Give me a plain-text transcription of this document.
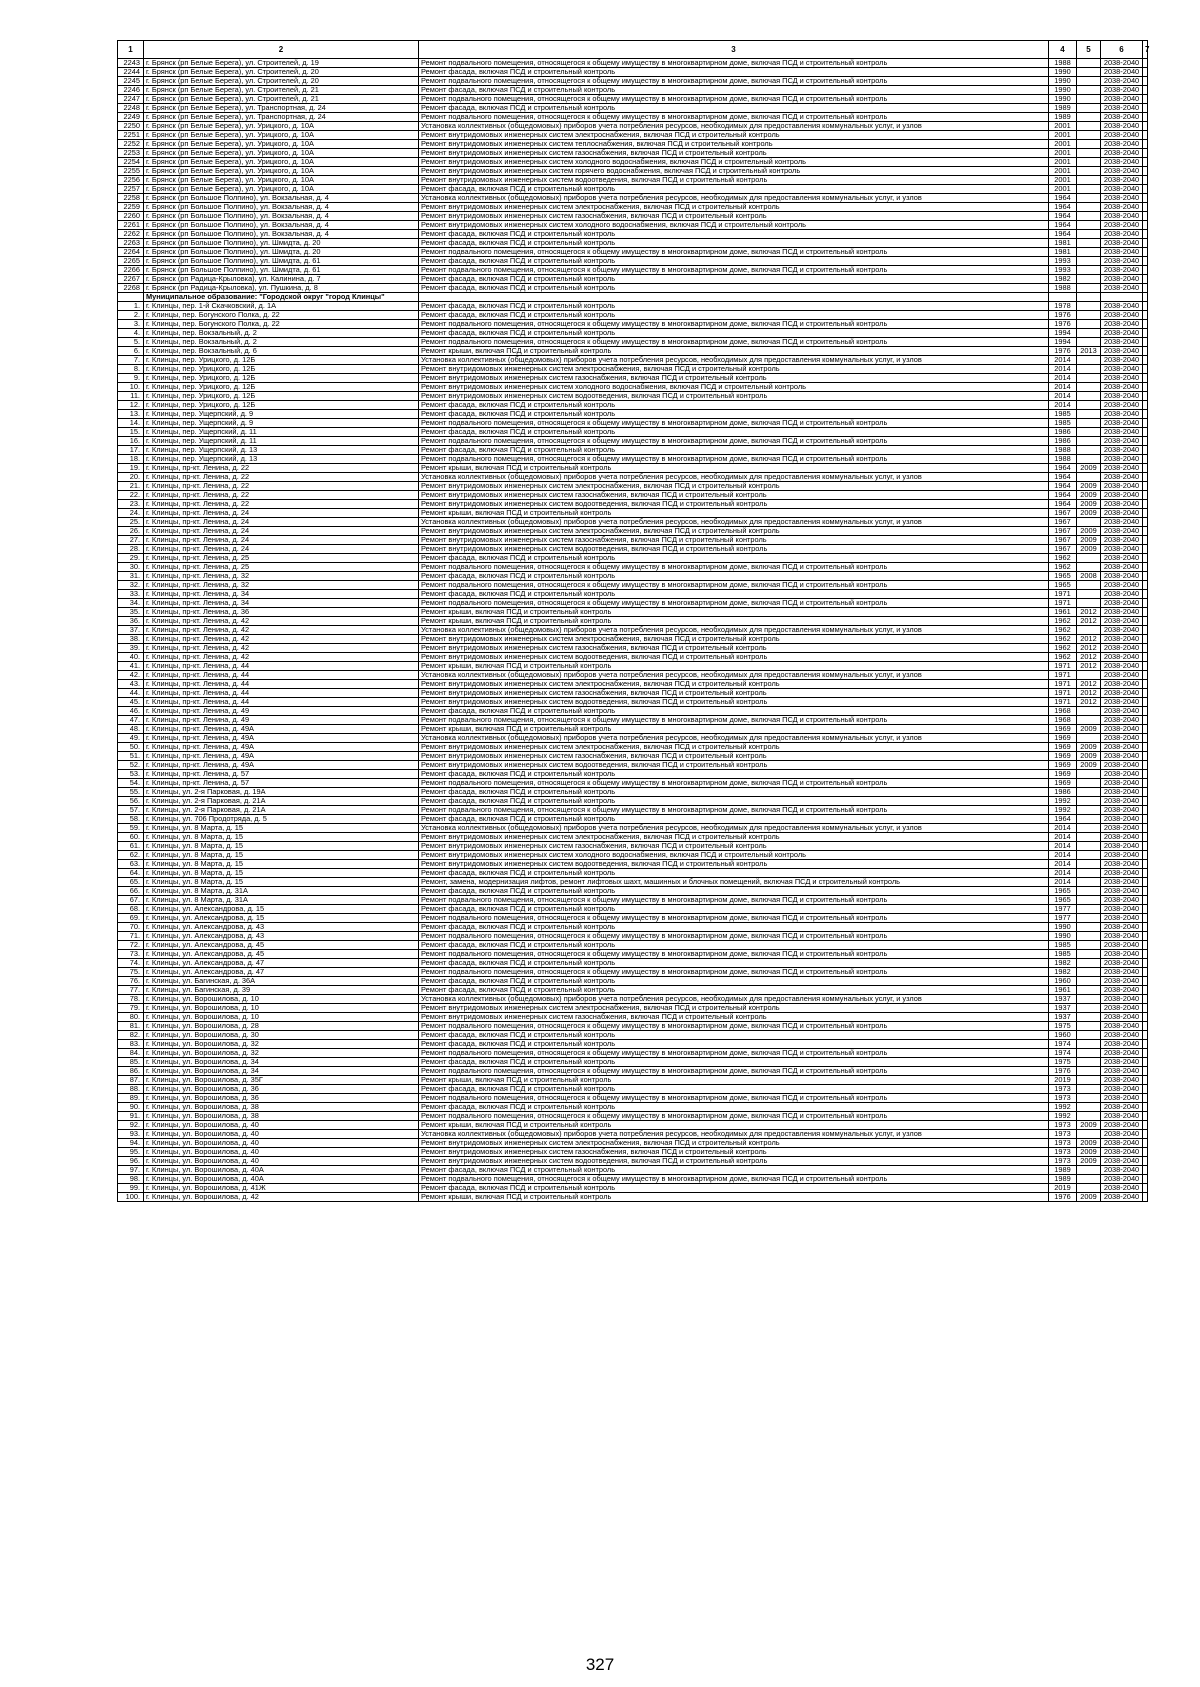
1	2	3	4	5	6	7
2243	г. Брянск (рп Белые Берега), ул. Строителей, д. 19	Ремонт подвального помещения, относящегося к общему имуществу в многоквартирном доме, включая ПСД и строительный контроль	1988		2038-2040	
2244	г. Брянск (рп Белые Берега), ул. Строителей, д. 20	Ремонт фасада, включая ПСД и строительный контроль	1990		2038-2040	
2245	г. Брянск (рп Белые Берега), ул. Строителей, д. 20	Ремонт подвального помещения, относящегося к общему имуществу в многоквартирном доме, включая ПСД и строительный контроль	1990		2038-2040	
2246	г. Брянск (рп Белые Берега), ул. Строителей, д. 21	Ремонт фасада, включая ПСД и строительный контроль	1990		2038-2040	
2247	г. Брянск (рп Белые Берега), ул. Строителей, д. 21	Ремонт подвального помещения, относящегося к общему имуществу в многоквартирном доме, включая ПСД и строительный контроль	1990		2038-2040	
2248	г. Брянск (рп Белые Берега), ул. Транспортная, д. 24	Ремонт фасада, включая ПСД и строительный контроль	1989		2038-2040	
2249	г. Брянск (рп Белые Берега), ул. Транспортная, д. 24	Ремонт подвального помещения, относящегося к общему имуществу в многоквартирном доме, включая ПСД и строительный контроль	1989		2038-2040	
2250	г. Брянск (рп Белые Берега), ул. Урицкого, д. 10А	Установка коллективных (общедомовых) приборов учета потребления ресурсов, необходимых для предоставления коммунальных услуг, и узлов	2001		2038-2040	
2251	г. Брянск (рп Белые Берега), ул. Урицкого, д. 10А	Ремонт внутридомовых инженерных систем электроснабжения, включая ПСД и строительный контроль	2001		2038-2040	
2252	г. Брянск (рп Белые Берега), ул. Урицкого, д. 10А	Ремонт внутридомовых инженерных систем теплоснабжения, включая ПСД и строительный контроль	2001		2038-2040	
2253	г. Брянск (рп Белые Берега), ул. Урицкого, д. 10А	Ремонт внутридомовых инженерных систем газоснабжения, включая ПСД и строительный контроль	2001		2038-2040	
2254	г. Брянск (рп Белые Берега), ул. Урицкого, д. 10А	Ремонт внутридомовых инженерных систем холодного водоснабжения, включая ПСД и строительный контроль	2001		2038-2040	
2255	г. Брянск (рп Белые Берега), ул. Урицкого, д. 10А	Ремонт внутридомовых инженерных систем горячего водоснабжения, включая ПСД и строительный контроль	2001		2038-2040	
2256	г. Брянск (рп Белые Берега), ул. Урицкого, д. 10А	Ремонт внутридомовых инженерных систем водоотведения, включая ПСД и строительный контроль	2001		2038-2040	
2257	г. Брянск (рп Белые Берега), ул. Урицкого, д. 10А	Ремонт фасада, включая ПСД и строительный контроль	2001		2038-2040	
2258	г. Брянск (рп Большое Полпино), ул. Вокзальная, д. 4	Установка коллективных (общедомовых) приборов учета потребления ресурсов, необходимых для предоставления коммунальных услуг, и узлов	1964		2038-2040	
2259	г. Брянск (рп Большое Полпино), ул. Вокзальная, д. 4	Ремонт внутридомовых инженерных систем электроснабжения, включая ПСД и строительный контроль	1964		2038-2040	
2260	г. Брянск (рп Большое Полпино), ул. Вокзальная, д. 4	Ремонт внутридомовых инженерных систем газоснабжения, включая ПСД и строительный контроль	1964		2038-2040	
2261	г. Брянск (рп Большое Полпино), ул. Вокзальная, д. 4	Ремонт внутридомовых инженерных систем холодного водоснабжения, включая ПСД и строительный контроль	1964		2038-2040	
2262	г. Брянск (рп Большое Полпино), ул. Вокзальная, д. 4	Ремонт фасада, включая ПСД и строительный контроль	1964		2038-2040	
2263	г. Брянск (рп Большое Полпино), ул. Шмидта, д. 20	Ремонт фасада, включая ПСД и строительный контроль	1981		2038-2040	
2264	г. Брянск (рп Большое Полпино), ул. Шмидта, д. 20	Ремонт подвального помещения, относящегося к общему имуществу в многоквартирном доме, включая ПСД и строительный контроль	1981		2038-2040	
2265	г. Брянск (рп Большое Полпино), ул. Шмидта, д. 61	Ремонт фасада, включая ПСД и строительный контроль	1993		2038-2040	
2266	г. Брянск (рп Большое Полпино), ул. Шмидта, д. 61	Ремонт подвального помещения, относящегося к общему имуществу в многоквартирном доме, включая ПСД и строительный контроль	1993		2038-2040	
2267	г. Брянск (рп Радица-Крыловка), ул. Калинина, д. 7	Ремонт фасада, включая ПСД и строительный контроль	1982		2038-2040	
2268	г. Брянск (рп Радица-Крыловка), ул. Пушкина, д. 8	Ремонт фасада, включая ПСД и строительный контроль	1988		2038-2040	
	Муниципальное образование: "Городской округ "город Клинцы"					
1.	г. Клинцы, пер. 1-й Скачковский, д. 1А	Ремонт фасада, включая ПСД и строительный контроль	1978		2038-2040	
2.	г. Клинцы, пер. Богунского Полка, д. 22	Ремонт фасада, включая ПСД и строительный контроль	1976		2038-2040	
3.	г. Клинцы, пер. Богунского Полка, д. 22	Ремонт подвального помещения, относящегося к общему имуществу в многоквартирном доме, включая ПСД и строительный контроль	1976		2038-2040	
4.	г. Клинцы, пер. Вокзальный, д. 2	Ремонт фасада, включая ПСД и строительный контроль	1994		2038-2040	
5.	г. Клинцы, пер. Вокзальный, д. 2	Ремонт подвального помещения, относящегося к общему имуществу в многоквартирном доме, включая ПСД и строительный контроль	1994		2038-2040	
6.	г. Клинцы, пер. Вокзальный, д. 6	Ремонт крыши, включая ПСД и строительный контроль	1976	2013	2038-2040	
7.	г. Клинцы, пер. Урицкого, д. 12Б	Установка коллективных (общедомовых) приборов учета потребления ресурсов, необходимых для предоставления коммунальных услуг, и узлов	2014		2038-2040	
8.	г. Клинцы, пер. Урицкого, д. 12Б	Ремонт внутридомовых инженерных систем электроснабжения, включая ПСД и строительный контроль	2014		2038-2040	
9.	г. Клинцы, пер. Урицкого, д. 12Б	Ремонт внутридомовых инженерных систем газоснабжения, включая ПСД и строительный контроль	2014		2038-2040	
10.	г. Клинцы, пер. Урицкого, д. 12Б	Ремонт внутридомовых инженерных систем холодного водоснабжения, включая ПСД и строительный контроль	2014		2038-2040	
11.	г. Клинцы, пер. Урицкого, д. 12Б	Ремонт внутридомовых инженерных систем водоотведения, включая ПСД и строительный контроль	2014		2038-2040	
12.	г. Клинцы, пер. Урицкого, д. 12Б	Ремонт фасада, включая ПСД и строительный контроль	2014		2038-2040	
13.	г. Клинцы, пер. Ущерпский, д. 9	Ремонт фасада, включая ПСД и строительный контроль	1985		2038-2040	
14.	г. Клинцы, пер. Ущерпский, д. 9	Ремонт подвального помещения, относящегося к общему имуществу в многоквартирном доме, включая ПСД и строительный контроль	1985		2038-2040	
15.	г. Клинцы, пер. Ущерпский, д. 11	Ремонт фасада, включая ПСД и строительный контроль	1986		2038-2040	
16.	г. Клинцы, пер. Ущерпский, д. 11	Ремонт подвального помещения, относящегося к общему имуществу в многоквартирном доме, включая ПСД и строительный контроль	1986		2038-2040	
17.	г. Клинцы, пер. Ущерпский, д. 13	Ремонт фасада, включая ПСД и строительный контроль	1988		2038-2040	
18.	г. Клинцы, пер. Ущерпский, д. 13	Ремонт подвального помещения, относящегося к общему имуществу в многоквартирном доме, включая ПСД и строительный контроль	1988		2038-2040	
19.	г. Клинцы, пр-кт. Ленина, д. 22	Ремонт крыши, включая ПСД и строительный контроль	1964	2009	2038-2040	
20.	г. Клинцы, пр-кт. Ленина, д. 22	Установка коллективных (общедомовых) приборов учета потребления ресурсов, необходимых для предоставления коммунальных услуг, и узлов	1964		2038-2040	
21.	г. Клинцы, пр-кт. Ленина, д. 22	Ремонт внутридомовых инженерных систем электроснабжения, включая ПСД и строительный контроль	1964	2009	2038-2040	
22.	г. Клинцы, пр-кт. Ленина, д. 22	Ремонт внутридомовых инженерных систем газоснабжения, включая ПСД и строительный контроль	1964	2009	2038-2040	
23.	г. Клинцы, пр-кт. Ленина, д. 22	Ремонт внутридомовых инженерных систем водоотведения, включая ПСД и строительный контроль	1964	2009	2038-2040	
24.	г. Клинцы, пр-кт. Ленина, д. 24	Ремонт крыши, включая ПСД и строительный контроль	1967	2009	2038-2040	
25.	г. Клинцы, пр-кт. Ленина, д. 24	Установка коллективных (общедомовых) приборов учета потребления ресурсов, необходимых для предоставления коммунальных услуг, и узлов	1967		2038-2040	
26.	г. Клинцы, пр-кт. Ленина, д. 24	Ремонт внутридомовых инженерных систем электроснабжения, включая ПСД и строительный контроль	1967	2009	2038-2040	
27.	г. Клинцы, пр-кт. Ленина, д. 24	Ремонт внутридомовых инженерных систем газоснабжения, включая ПСД и строительный контроль	1967	2009	2038-2040	
28.	г. Клинцы, пр-кт. Ленина, д. 24	Ремонт внутридомовых инженерных систем водоотведения, включая ПСД и строительный контроль	1967	2009	2038-2040	
29.	г. Клинцы, пр-кт. Ленина, д. 25	Ремонт фасада, включая ПСД и строительный контроль	1962		2038-2040	
30.	г. Клинцы, пр-кт. Ленина, д. 25	Ремонт подвального помещения, относящегося к общему имуществу в многоквартирном доме, включая ПСД и строительный контроль	1962		2038-2040	
31.	г. Клинцы, пр-кт. Ленина, д. 32	Ремонт фасада, включая ПСД и строительный контроль	1965	2008	2038-2040	
32.	г. Клинцы, пр-кт. Ленина, д. 32	Ремонт подвального помещения, относящегося к общему имуществу в многоквартирном доме, включая ПСД и строительный контроль	1965		2038-2040	
33.	г. Клинцы, пр-кт. Ленина, д. 34	Ремонт фасада, включая ПСД и строительный контроль	1971		2038-2040	
34.	г. Клинцы, пр-кт. Ленина, д. 34	Ремонт подвального помещения, относящегося к общему имуществу в многоквартирном доме, включая ПСД и строительный контроль	1971		2038-2040	
35.	г. Клинцы, пр-кт. Ленина, д. 36	Ремонт крыши, включая ПСД и строительный контроль	1961	2012	2038-2040	
36.	г. Клинцы, пр-кт. Ленина, д. 42	Ремонт крыши, включая ПСД и строительный контроль	1962	2012	2038-2040	
37.	г. Клинцы, пр-кт. Ленина, д. 42	Установка коллективных (общедомовых) приборов учета потребления ресурсов, необходимых для предоставления коммунальных услуг, и узлов	1962		2038-2040	
38.	г. Клинцы, пр-кт. Ленина, д. 42	Ремонт внутридомовых инженерных систем электроснабжения, включая ПСД и строительный контроль	1962	2012	2038-2040	
39.	г. Клинцы, пр-кт. Ленина, д. 42	Ремонт внутридомовых инженерных систем газоснабжения, включая ПСД и строительный контроль	1962	2012	2038-2040	
40.	г. Клинцы, пр-кт. Ленина, д. 42	Ремонт внутридомовых инженерных систем водоотведения, включая ПСД и строительный контроль	1962	2012	2038-2040	
41.	г. Клинцы, пр-кт. Ленина, д. 44	Ремонт крыши, включая ПСД и строительный контроль	1971	2012	2038-2040	
42.	г. Клинцы, пр-кт. Ленина, д. 44	Установка коллективных (общедомовых) приборов учета потребления ресурсов, необходимых для предоставления коммунальных услуг, и узлов	1971		2038-2040	
43.	г. Клинцы, пр-кт. Ленина, д. 44	Ремонт внутридомовых инженерных систем электроснабжения, включая ПСД и строительный контроль	1971	2012	2038-2040	
44.	г. Клинцы, пр-кт. Ленина, д. 44	Ремонт внутридомовых инженерных систем газоснабжения, включая ПСД и строительный контроль	1971	2012	2038-2040	
45.	г. Клинцы, пр-кт. Ленина, д. 44	Ремонт внутридомовых инженерных систем водоотведения, включая ПСД и строительный контроль	1971	2012	2038-2040	
46.	г. Клинцы, пр-кт. Ленина, д. 49	Ремонт фасада, включая ПСД и строительный контроль	1968		2038-2040	
47.	г. Клинцы, пр-кт. Ленина, д. 49	Ремонт подвального помещения, относящегося к общему имуществу в многоквартирном доме, включая ПСД и строительный контроль	1968		2038-2040	
48.	г. Клинцы, пр-кт. Ленина, д. 49А	Ремонт крыши, включая ПСД и строительный контроль	1969	2009	2038-2040	
49.	г. Клинцы, пр-кт. Ленина, д. 49А	Установка коллективных (общедомовых) приборов учета потребления ресурсов, необходимых для предоставления коммунальных услуг, и узлов	1969		2038-2040	
50.	г. Клинцы, пр-кт. Ленина, д. 49А	Ремонт внутридомовых инженерных систем электроснабжения, включая ПСД и строительный контроль	1969	2009	2038-2040	
51.	г. Клинцы, пр-кт. Ленина, д. 49А	Ремонт внутридомовых инженерных систем газоснабжения, включая ПСД и строительный контроль	1969	2009	2038-2040	
52.	г. Клинцы, пр-кт. Ленина, д. 49А	Ремонт внутридомовых инженерных систем водоотведения, включая ПСД и строительный контроль	1969	2009	2038-2040	
53.	г. Клинцы, пр-кт. Ленина, д. 57	Ремонт фасада, включая ПСД и строительный контроль	1969		2038-2040	
54.	г. Клинцы, пр-кт. Ленина, д. 57	Ремонт подвального помещения, относящегося к общему имуществу в многоквартирном доме, включая ПСД и строительный контроль	1969		2038-2040	
55.	г. Клинцы, ул. 2-я Парковая, д. 19А	Ремонт фасада, включая ПСД и строительный контроль	1986		2038-2040	
56.	г. Клинцы, ул. 2-я Парковая, д. 21А	Ремонт фасада, включая ПСД и строительный контроль	1992		2038-2040	
57.	г. Клинцы, ул. 2-я Парковая, д. 21А	Ремонт подвального помещения, относящегося к общему имуществу в многоквартирном доме, включая ПСД и строительный контроль	1992		2038-2040	
58.	г. Клинцы, ул. 706 Продотряда, д. 5	Ремонт фасада, включая ПСД и строительный контроль	1964		2038-2040	
59.	г. Клинцы, ул. 8 Марта, д. 15	Установка коллективных (общедомовых) приборов учета потребления ресурсов, необходимых для предоставления коммунальных услуг, и узлов	2014		2038-2040	
60.	г. Клинцы, ул. 8 Марта, д. 15	Ремонт внутридомовых инженерных систем электроснабжения, включая ПСД и строительный контроль	2014		2038-2040	
61.	г. Клинцы, ул. 8 Марта, д. 15	Ремонт внутридомовых инженерных систем газоснабжения, включая ПСД и строительный контроль	2014		2038-2040	
62.	г. Клинцы, ул. 8 Марта, д. 15	Ремонт внутридомовых инженерных систем холодного водоснабжения, включая ПСД и строительный контроль	2014		2038-2040	
63.	г. Клинцы, ул. 8 Марта, д. 15	Ремонт внутридомовых инженерных систем водоотведения, включая ПСД и строительный контроль	2014		2038-2040	
64.	г. Клинцы, ул. 8 Марта, д. 15	Ремонт фасада, включая ПСД и строительный контроль	2014		2038-2040	
65.	г. Клинцы, ул. 8 Марта, д. 15	Ремонт, замена, модернизация лифтов, ремонт лифтовых шахт, машинных и блочных помещений, включая ПСД и строительный контроль	2014		2038-2040	
66.	г. Клинцы, ул. 8 Марта, д. 31А	Ремонт фасада, включая ПСД и строительный контроль	1965		2038-2040	
67.	г. Клинцы, ул. 8 Марта, д. 31А	Ремонт подвального помещения, относящегося к общему имуществу в многоквартирном доме, включая ПСД и строительный контроль	1965		2038-2040	
68.	г. Клинцы, ул. Александрова, д. 15	Ремонт фасада, включая ПСД и строительный контроль	1977		2038-2040	
69.	г. Клинцы, ул. Александрова, д. 15	Ремонт подвального помещения, относящегося к общему имуществу в многоквартирном доме, включая ПСД и строительный контроль	1977		2038-2040	
70.	г. Клинцы, ул. Александрова, д. 43	Ремонт фасада, включая ПСД и строительный контроль	1990		2038-2040	
71.	г. Клинцы, ул. Александрова, д. 43	Ремонт подвального помещения, относящегося к общему имуществу в многоквартирном доме, включая ПСД и строительный контроль	1990		2038-2040	
72.	г. Клинцы, ул. Александрова, д. 45	Ремонт фасада, включая ПСД и строительный контроль	1985		2038-2040	
73.	г. Клинцы, ул. Александрова, д. 45	Ремонт подвального помещения, относящегося к общему имуществу в многоквартирном доме, включая ПСД и строительный контроль	1985		2038-2040	
74.	г. Клинцы, ул. Александрова, д. 47	Ремонт фасада, включая ПСД и строительный контроль	1982		2038-2040	
75.	г. Клинцы, ул. Александрова, д. 47	Ремонт подвального помещения, относящегося к общему имуществу в многоквартирном доме, включая ПСД и строительный контроль	1982		2038-2040	
76.	г. Клинцы, ул. Багинская, д. 36А	Ремонт фасада, включая ПСД и строительный контроль	1960		2038-2040	
77.	г. Клинцы, ул. Багинская, д. 39	Ремонт фасада, включая ПСД и строительный контроль	1961		2038-2040	
78.	г. Клинцы, ул. Ворошилова, д. 10	Установка коллективных (общедомовых) приборов учета потребления ресурсов, необходимых для предоставления коммунальных услуг, и узлов	1937		2038-2040	
79.	г. Клинцы, ул. Ворошилова, д. 10	Ремонт внутридомовых инженерных систем электроснабжения, включая ПСД и строительный контроль	1937		2038-2040	
80.	г. Клинцы, ул. Ворошилова, д. 10	Ремонт внутридомовых инженерных систем газоснабжения, включая ПСД и строительный контроль	1937		2038-2040	
81.	г. Клинцы, ул. Ворошилова, д. 28	Ремонт подвального помещения, относящегося к общему имуществу в многоквартирном доме, включая ПСД и строительный контроль	1975		2038-2040	
82.	г. Клинцы, ул. Ворошилова, д. 30	Ремонт фасада, включая ПСД и строительный контроль	1960		2038-2040	
83.	г. Клинцы, ул. Ворошилова, д. 32	Ремонт фасада, включая ПСД и строительный контроль	1974		2038-2040	
84.	г. Клинцы, ул. Ворошилова, д. 32	Ремонт подвального помещения, относящегося к общему имуществу в многоквартирном доме, включая ПСД и строительный контроль	1974		2038-2040	
85.	г. Клинцы, ул. Ворошилова, д. 34	Ремонт фасада, включая ПСД и строительный контроль	1975		2038-2040	
86.	г. Клинцы, ул. Ворошилова, д. 34	Ремонт подвального помещения, относящегося к общему имуществу в многоквартирном доме, включая ПСД и строительный контроль	1976		2038-2040	
87.	г. Клинцы, ул. Ворошилова, д. 35Г	Ремонт крыши, включая ПСД и строительный контроль	2019		2038-2040	
88.	г. Клинцы, ул. Ворошилова, д. 36	Ремонт фасада, включая ПСД и строительный контроль	1973		2038-2040	
89.	г. Клинцы, ул. Ворошилова, д. 36	Ремонт подвального помещения, относящегося к общему имуществу в многоквартирном доме, включая ПСД и строительный контроль	1973		2038-2040	
90.	г. Клинцы, ул. Ворошилова, д. 38	Ремонт фасада, включая ПСД и строительный контроль	1992		2038-2040	
91.	г. Клинцы, ул. Ворошилова, д. 38	Ремонт подвального помещения, относящегося к общему имуществу в многоквартирном доме, включая ПСД и строительный контроль	1992		2038-2040	
92.	г. Клинцы, ул. Ворошилова, д. 40	Ремонт крыши, включая ПСД и строительный контроль	1973	2009	2038-2040	
93.	г. Клинцы, ул. Ворошилова, д. 40	Установка коллективных (общедомовых) приборов учета потребления ресурсов, необходимых для предоставления коммунальных услуг, и узлов	1973		2038-2040	
94.	г. Клинцы, ул. Ворошилова, д. 40	Ремонт внутридомовых инженерных систем электроснабжения, включая ПСД и строительный контроль	1973	2009	2038-2040	
95.	г. Клинцы, ул. Ворошилова, д. 40	Ремонт внутридомовых инженерных систем газоснабжения, включая ПСД и строительный контроль	1973	2009	2038-2040	
96.	г. Клинцы, ул. Ворошилова, д. 40	Ремонт внутридомовых инженерных систем водоотведения, включая ПСД и строительный контроль	1973	2009	2038-2040	
97.	г. Клинцы, ул. Ворошилова, д. 40А	Ремонт фасада, включая ПСД и строительный контроль	1989		2038-2040	
98.	г. Клинцы, ул. Ворошилова, д. 40А	Ремонт подвального помещения, относящегося к общему имуществу в многоквартирном доме, включая ПСД и строительный контроль	1989		2038-2040	
99.	г. Клинцы, ул. Ворошилова, д. 41Ж	Ремонт фасада, включая ПСД и строительный контроль	2019		2038-2040	
100.	г. Клинцы, ул. Ворошилова, д. 42	Ремонт крыши, включая ПСД и строительный контроль	1976	2009	2038-2040	
327
